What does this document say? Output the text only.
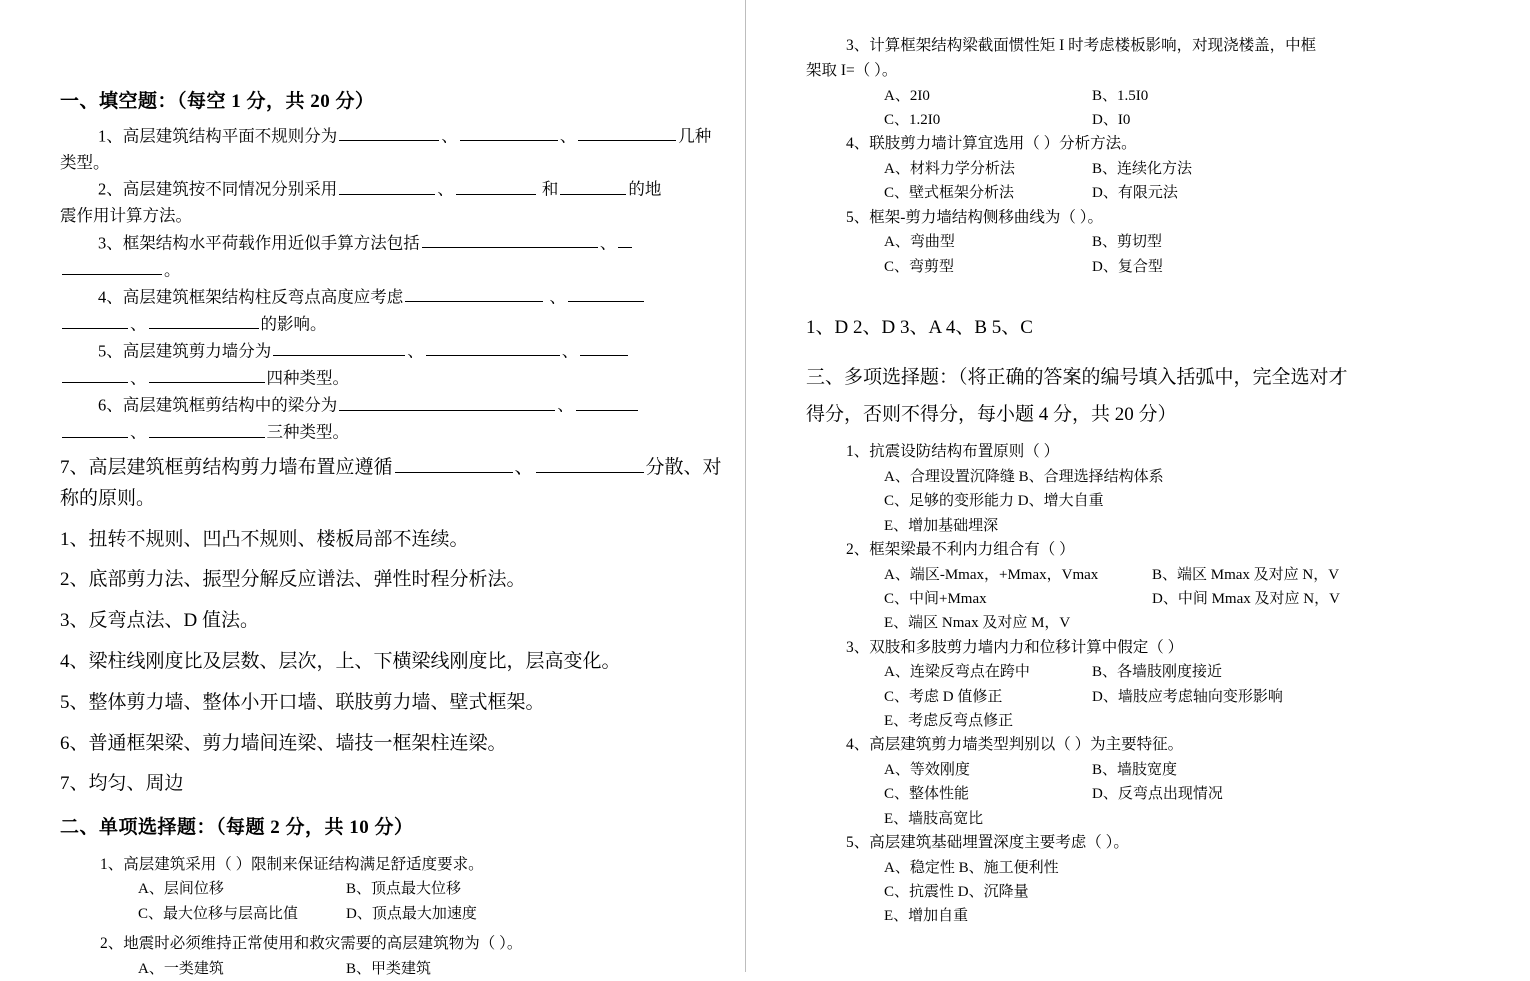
一、填空题：（每空 1 分，共 20 分）
1、高层建筑结构平面不规则分为	、	、	几种
类型。
2、高层建筑按不同情况分别采用	、	和	的地
震作用计算方法。
3、框架结构水平荷载作用近似手算方法包括	、
。
4、高层建筑框架结构柱反弯点高度应考虑	、
、	的影响。
5、高层建筑剪力墙分为	、	、
、	四种类型。
6、高层建筑框剪结构中的梁分为	、
、	三种类型。
7、高层建筑框剪结构剪力墙布置应遵循	、	分散、对
称的原则。
1、扭转不规则、凹凸不规则、楼板局部不连续。
2、底部剪力法、振型分解反应谱法、弹性时程分析法。
3、反弯点法、D 值法。
4、梁柱线刚度比及层数、层次，上、下横梁线刚度比，层高变化。
5、整体剪力墙、整体小开口墙、联肢剪力墙、壁式框架。
6、普通框架梁、剪力墙间连梁、墙技一框架柱连梁。
7、均匀、周边
二、单项选择题：（每题 2 分，共 10 分）
1、高层建筑采用（ ）限制来保证结构满足舒适度要求。
A、层间位移	B、顶点最大位移
C、最大位移与层高比值	D、顶点最大加速度
2、地震时必须维持正常使用和救灾需要的高层建筑物为（ ）。
A、一类建筑	B、甲类建筑
3、计算框架结构梁截面惯性矩 I 时考虑楼板影响，对现浇楼盖，中框
架取 I=（ ）。
A、2I0	B、1.5I0
C、1.2I0	D、I0
4、联肢剪力墙计算宜选用（ ）分析方法。
A、材料力学分析法	B、连续化方法
C、壁式框架分析法	D、有限元法
5、框架-剪力墙结构侧移曲线为（ ）。
A、弯曲型	B、剪切型
C、弯剪型	D、复合型
1、D 2、D 3、A 4、B 5、C
三、多项选择题：（将正确的答案的编号填入括弧中，完全选对才
得分，否则不得分，每小题 4 分，共 20 分）
1、抗震设防结构布置原则（ ）
A、合理设置沉降缝 B、合理选择结构体系
C、足够的变形能力 D、增大自重
E、增加基础埋深
2、框架梁最不利内力组合有（ ）
A、端区-Mmax，+Mmax，Vmax	B、端区 Mmax 及对应 N，V
C、中间+Mmax	D、中间 Mmax 及对应 N，V
E、端区 Nmax 及对应 M，V
3、双肢和多肢剪力墙内力和位移计算中假定（ ）
A、连梁反弯点在跨中	B、各墙肢刚度接近
C、考虑 D 值修正	D、墙肢应考虑轴向变形影响
E、考虑反弯点修正
4、高层建筑剪力墙类型判别以（ ）为主要特征。
A、等效刚度	B、墙肢宽度
C、整体性能	D、反弯点出现情况
E、墙肢高宽比
5、高层建筑基础埋置深度主要考虑（ ）。
A、稳定性 B、施工便利性
C、抗震性 D、沉降量
E、增加自重
